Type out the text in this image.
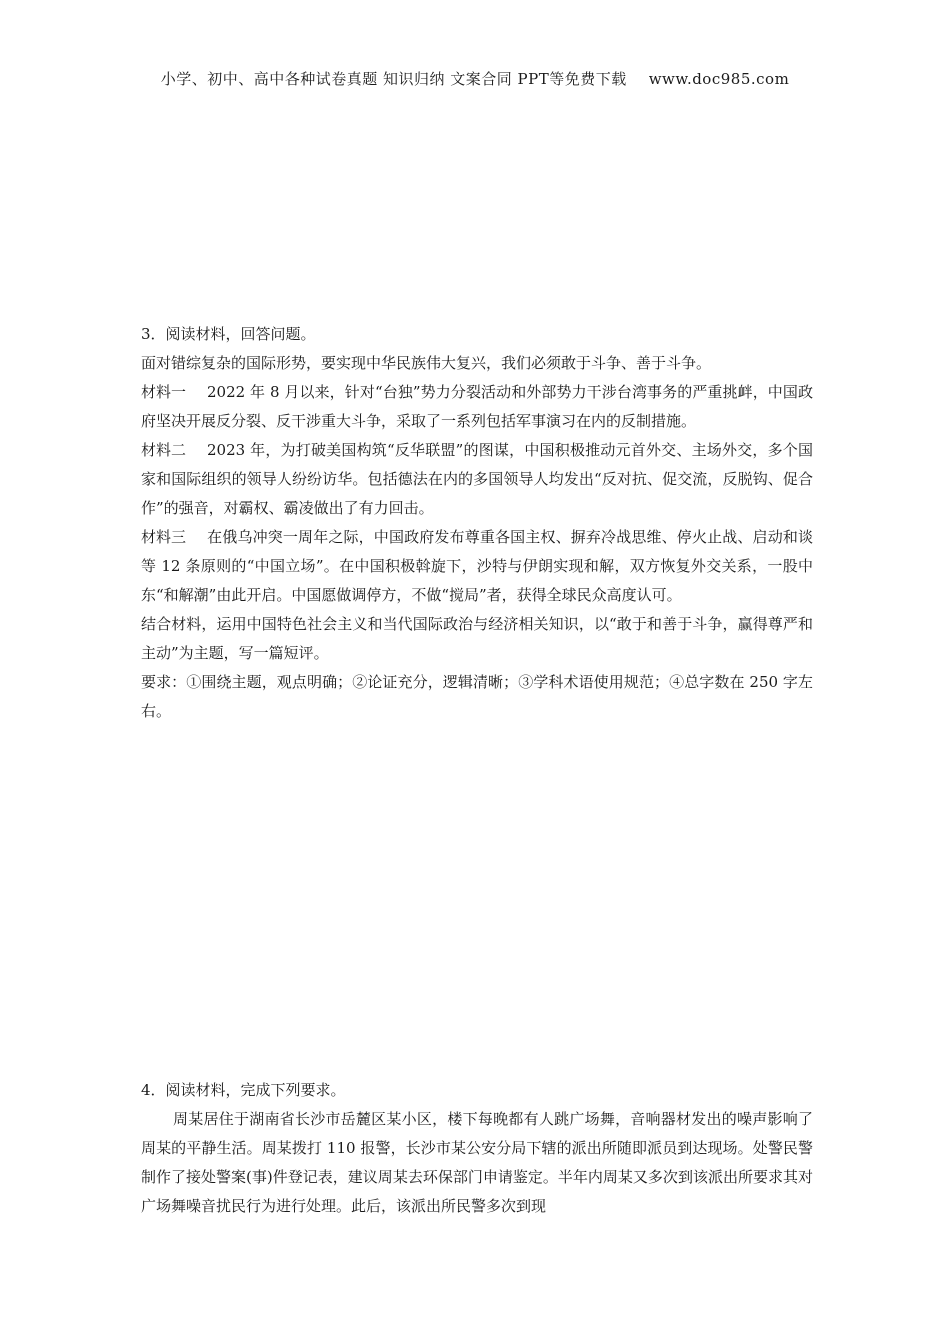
小学、初中、高中各种试卷真题 知识归纳 文案合同 PPT等免费下载 www.doc985.com

3．阅读材料，回答问题。

面对错综复杂的国际形势，要实现中华民族伟大复兴，我们必须敢于斗争、善于斗争。

材料一 2022 年 8 月以来，针对“台独”势力分裂活动和外部势力干涉台湾事务的严重挑衅，中国政府坚决开展反分裂、反干涉重大斗争，采取了一系列包括军事演习在内的反制措施。

材料二 2023 年，为打破美国构筑“反华联盟”的图谋，中国积极推动元首外交、主场外交，多个国家和国际组织的领导人纷纷访华。包括德法在内的多国领导人均发出“反对抗、促交流，反脱钩、促合作”的强音，对霸权、霸凌做出了有力回击。

材料三 在俄乌冲突一周年之际，中国政府发布尊重各国主权、摒弃冷战思维、停火止战、启动和谈等 12 条原则的“中国立场”。在中国积极斡旋下，沙特与伊朗实现和解，双方恢复外交关系，一股中东“和解潮”由此开启。中国愿做调停方，不做“搅局”者，获得全球民众高度认可。

结合材料，运用中国特色社会主义和当代国际政治与经济相关知识，以“敢于和善于斗争，赢得尊严和主动”为主题，写一篇短评。

要求：①围绕主题，观点明确；②论证充分，逻辑清晰；③学科术语使用规范；④总字数在 250 字左右。

4．阅读材料，完成下列要求。

周某居住于湖南省长沙市岳麓区某小区，楼下每晚都有人跳广场舞，音响器材发出的噪声影响了周某的平静生活。周某拨打 110 报警，长沙市某公安分局下辖的派出所随即派员到达现场。处警民警制作了接处警案(事)件登记表，建议周某去环保部门申请鉴定。半年内周某又多次到该派出所要求其对广场舞噪音扰民行为进行处理。此后，该派出所民警多次到现
